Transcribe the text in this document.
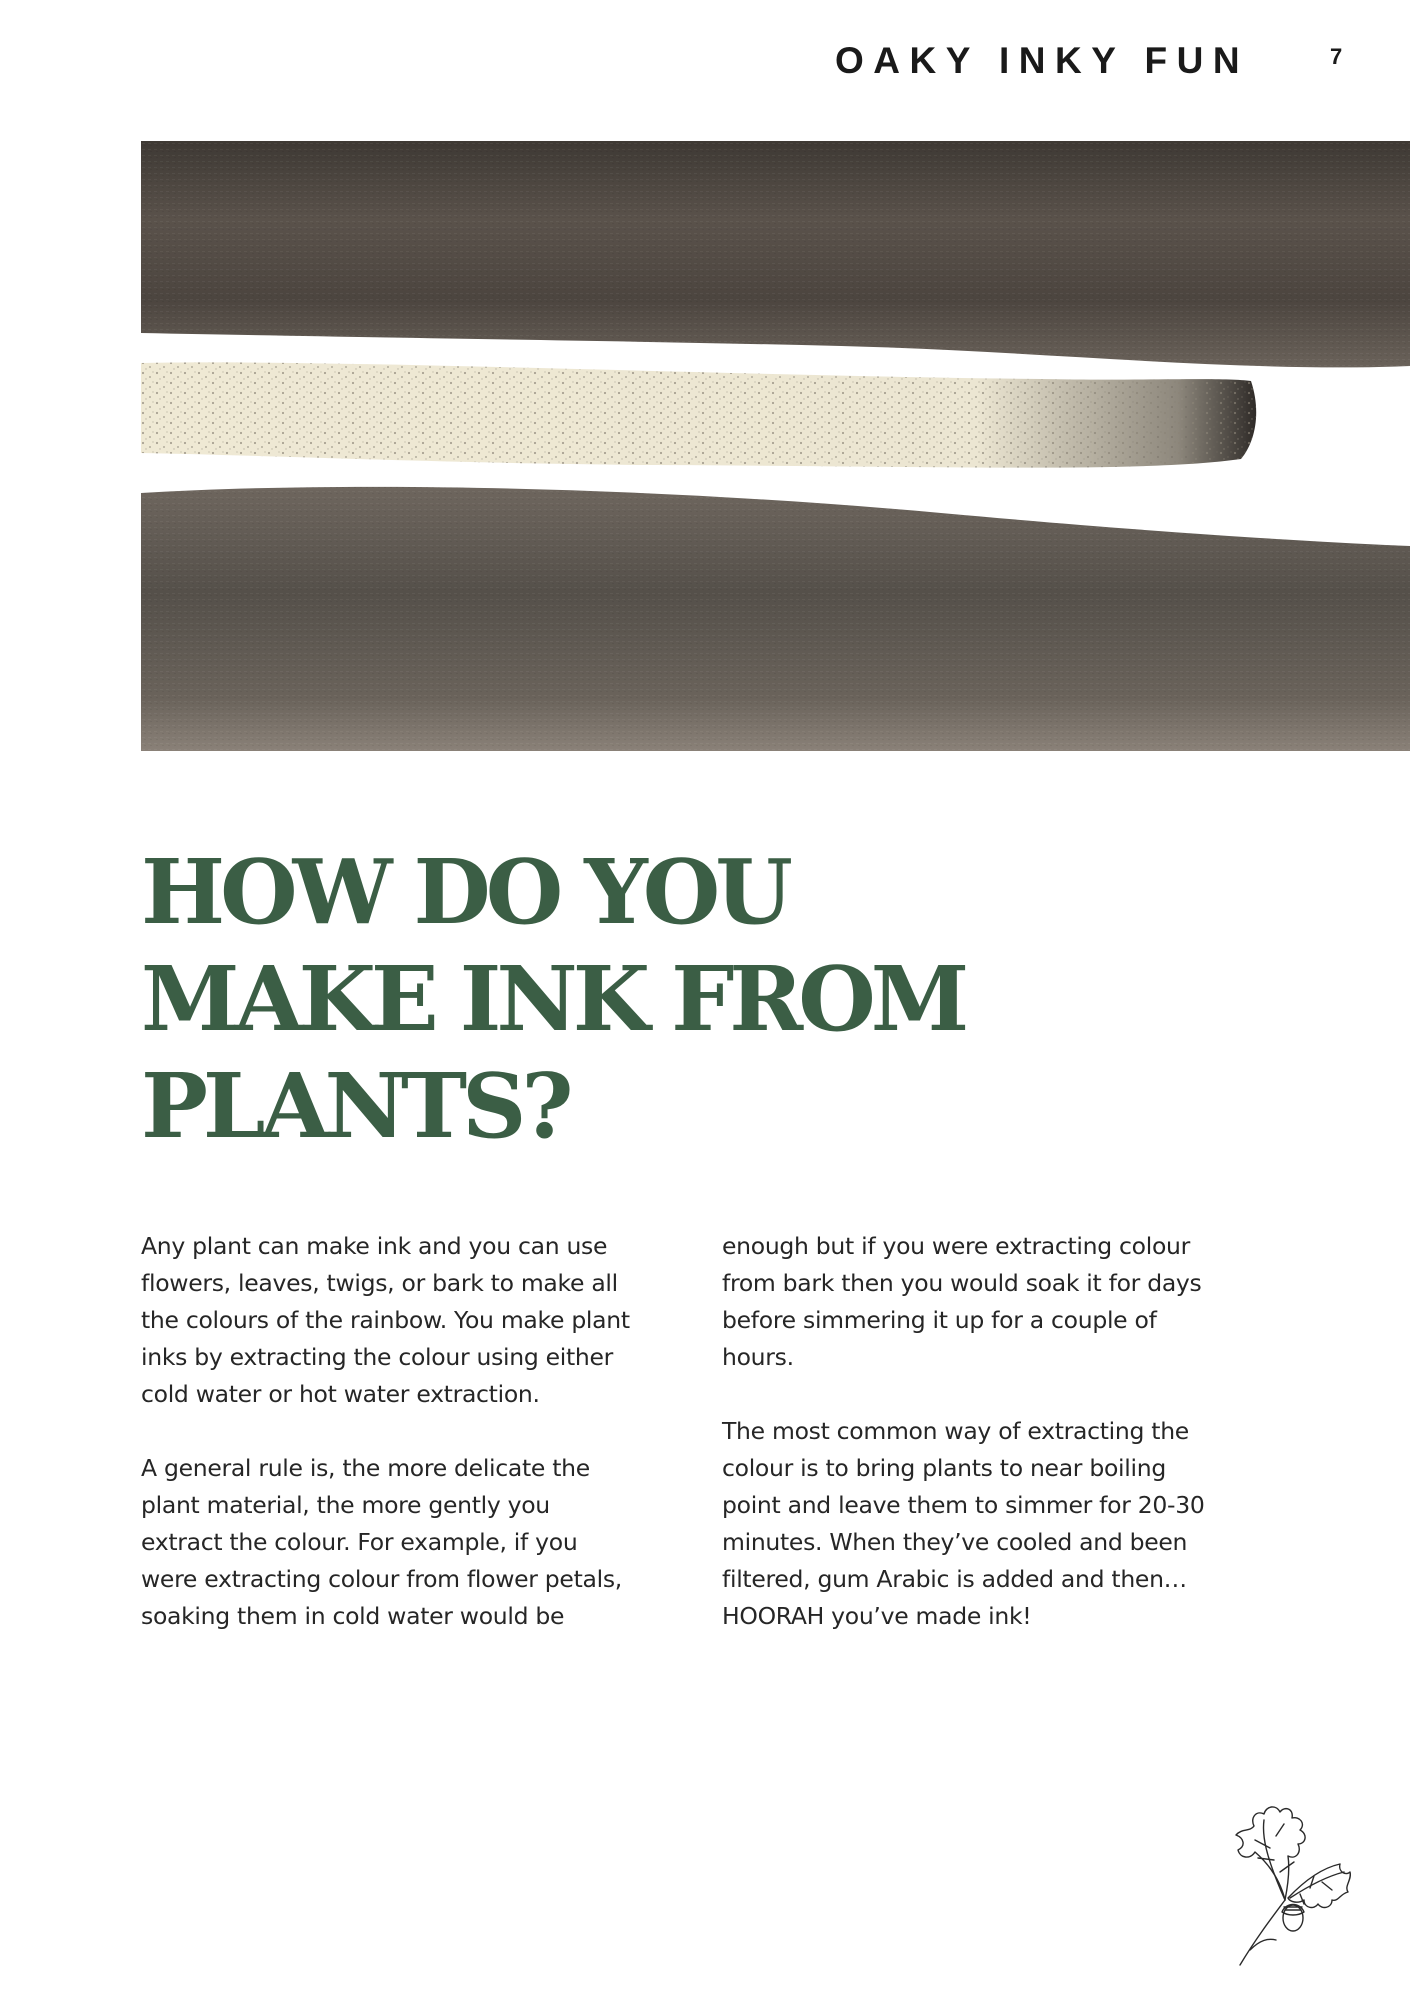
OAKY INKY FUN	7
HOW DO YOU
MAKE INK FROM
PLANTS?

Any plant can make ink and you can use
flowers, leaves, twigs, or bark to make all
the colours of the rainbow. You make plant
inks by extracting the colour using either
cold water or hot water extraction.

A general rule is, the more delicate the
plant material, the more gently you
extract the colour. For example, if you
were extracting colour from flower petals,
soaking them in cold water would be

enough but if you were extracting colour
from bark then you would soak it for days
before simmering it up for a couple of
hours.

The most common way of extracting the
colour is to bring plants to near boiling
point and leave them to simmer for 20-30
minutes. When they’ve cooled and been
filtered, gum Arabic is added and then…
HOORAH you’ve made ink!
